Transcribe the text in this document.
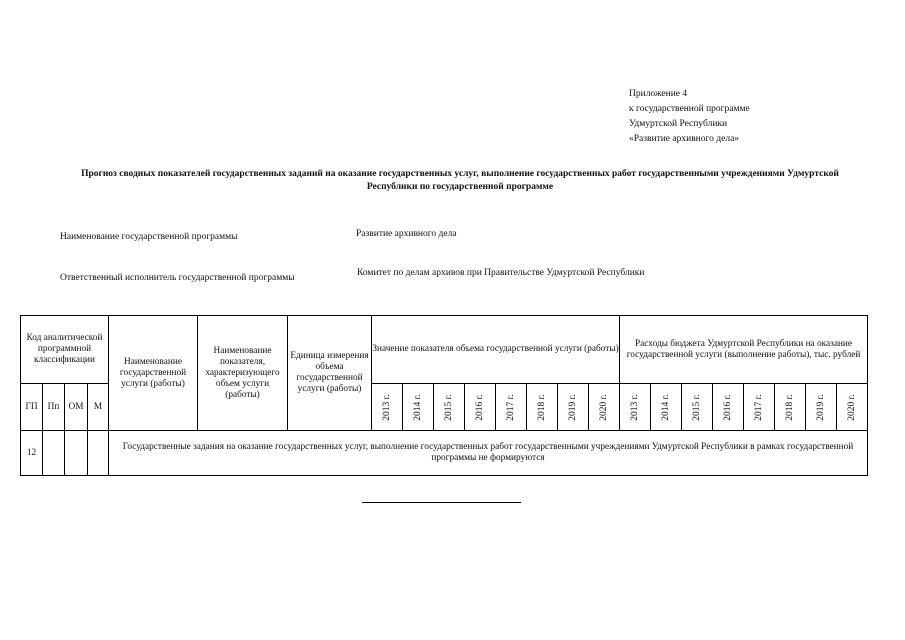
Приложение 4
к государственной программе
Удмуртской Республики
«Развитие архивного дела»
Прогноз сводных показателей государственных заданий на оказание государственных услуг, выполнение государственных работ государственными учреждениями Удмуртской Республики по государственной программе
Наименование государственной программы	Развитие архивного дела
Ответственный исполнитель государственной программы	Комитет по делам архивов при Правительстве Удмуртской Республики
Код аналитической программной классификации				Наименование государственной услуги (работы)	Наименование показателя, характеризующего объем услуги (работы)	Единица измерения объема государственной услуги (работы)	Значение показателя объема государственной услуги (работы)								Расходы бюджета Удмуртской Республики на оказание государственной услуги (выполнение работы), тыс. рублей							

ГП	Пп	ОМ	М				2013 г.	2014 г.	2015 г.	2016 г.	2017 г.	2018 г.	2019 г.	2020 г.	2013 г.	2014 г.	2015 г.	2016 г.	2017 г.	2018 г.	2019 г.	2020 г.
12				Государственные задания на оказание государственных услуг, выполнение государственных работ государственными учреждениями Удмуртской Республики в рамках государственной программы не формируются																		
